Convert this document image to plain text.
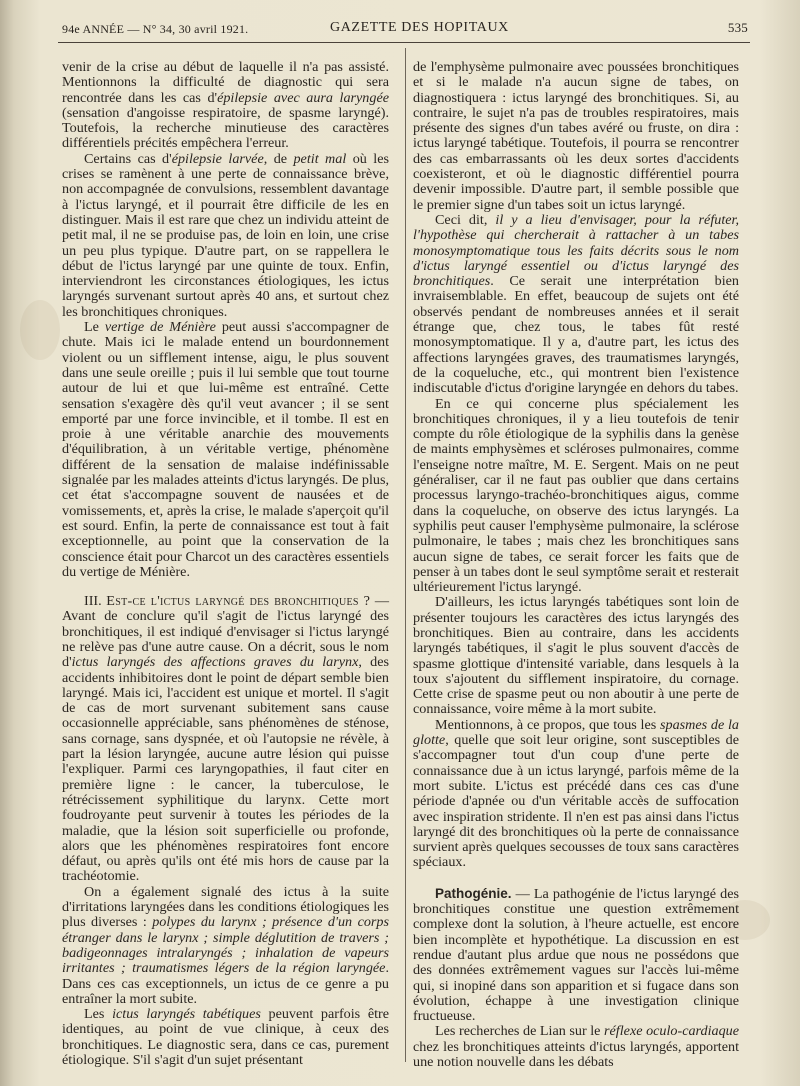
94e ANNÉE — N° 34, 30 avril 1921.	GAZETTE DES HOPITAUX	535

venir de la crise au début de laquelle il n'a pas assisté. Mentionnons la difficulté de diagnostic qui sera rencontrée dans les cas d'épilepsie avec aura laryngée (sensation d'angoisse respiratoire, de spasme laryngé). Toutefois, la recherche minutieuse des caractères différentiels précités empêchera l'erreur.

Certains cas d'épilepsie larvée, de petit mal où les crises se ramènent à une perte de connaissance brève, non accompagnée de convulsions, ressemblent davantage à l'ictus laryngé, et il pourrait être difficile de les en distinguer. Mais il est rare que chez un individu atteint de petit mal, il ne se produise pas, de loin en loin, une crise un peu plus typique. D'autre part, on se rappellera le début de l'ictus laryngé par une quinte de toux. Enfin, interviendront les circonstances étiologiques, les ictus laryngés survenant surtout après 40 ans, et surtout chez les bronchitiques chroniques.

Le vertige de Ménière peut aussi s'accompagner de chute. Mais ici le malade entend un bourdonnement violent ou un sifflement intense, aigu, le plus souvent dans une seule oreille ; puis il lui semble que tout tourne autour de lui et que lui-même est entraîné. Cette sensation s'exagère dès qu'il veut avancer ; il se sent emporté par une force invincible, et il tombe. Il est en proie à une véritable anarchie des mouvements d'équilibration, à un véritable vertige, phénomène différent de la sensation de malaise indéfinissable signalée par les malades atteints d'ictus laryngés. De plus, cet état s'accompagne souvent de nausées et de vomissements, et, après la crise, le malade s'aperçoit qu'il est sourd. Enfin, la perte de connaissance est tout à fait exceptionnelle, au point que la conservation de la conscience était pour Charcot un des caractères essentiels du vertige de Ménière.

III. Est-ce l'ictus laryngé des bronchitiques ? — Avant de conclure qu'il s'agit de l'ictus laryngé des bronchitiques, il est indiqué d'envisager si l'ictus laryngé ne relève pas d'une autre cause. On a décrit, sous le nom d'ictus laryngés des affections graves du larynx, des accidents inhibitoires dont le point de départ semble bien laryngé. Mais ici, l'accident est unique et mortel. Il s'agit de cas de mort survenant subitement sans cause occasionnelle appréciable, sans phénomènes de sténose, sans cornage, sans dyspnée, et où l'autopsie ne révèle, à part la lésion laryngée, aucune autre lésion qui puisse l'expliquer. Parmi ces laryngopathies, il faut citer en première ligne : le cancer, la tuberculose, le rétrécissement syphilitique du larynx. Cette mort foudroyante peut survenir à toutes les périodes de la maladie, que la lésion soit superficielle ou profonde, alors que les phénomènes respiratoires font encore défaut, ou après qu'ils ont été mis hors de cause par la trachéotomie.

On a également signalé des ictus à la suite d'irritations laryngées dans les conditions étiologiques les plus diverses : polypes du larynx ; présence d'un corps étranger dans le larynx ; simple déglutition de travers ; badigeonnages intralaryngés ; inhalation de vapeurs irritantes ; traumatismes légers de la région laryngée. Dans ces cas exceptionnels, un ictus de ce genre a pu entraîner la mort subite.

Les ictus laryngés tabétiques peuvent parfois être identiques, au point de vue clinique, à ceux des bronchitiques. Le diagnostic sera, dans ce cas, purement étiologique. S'il s'agit d'un sujet présentant

de l'emphysème pulmonaire avec poussées bronchitiques et si le malade n'a aucun signe de tabes, on diagnostiquera : ictus laryngé des bronchitiques. Si, au contraire, le sujet n'a pas de troubles respiratoires, mais présente des signes d'un tabes avéré ou fruste, on dira : ictus laryngé tabétique. Toutefois, il pourra se rencontrer des cas embarrassants où les deux sortes d'accidents coexisteront, et où le diagnostic différentiel pourra devenir impossible. D'autre part, il semble possible que le premier signe d'un tabes soit un ictus laryngé.

Ceci dit, il y a lieu d'envisager, pour la réfuter, l'hypothèse qui chercherait à rattacher à un tabes monosymptomatique tous les faits décrits sous le nom d'ictus laryngé essentiel ou d'ictus laryngé des bronchitiques. Ce serait une interprétation bien invraisemblable. En effet, beaucoup de sujets ont été observés pendant de nombreuses années et il serait étrange que, chez tous, le tabes fût resté monosymptomatique. Il y a, d'autre part, les ictus des affections laryngées graves, des traumatismes laryngés, de la coqueluche, etc., qui montrent bien l'existence indiscutable d'ictus d'origine laryngée en dehors du tabes.

En ce qui concerne plus spécialement les bronchitiques chroniques, il y a lieu toutefois de tenir compte du rôle étiologique de la syphilis dans la genèse de maints emphysèmes et scléroses pulmonaires, comme l'enseigne notre maître, M. E. Sergent. Mais on ne peut généraliser, car il ne faut pas oublier que dans certains processus laryngo-trachéo-bronchitiques aigus, comme dans la coqueluche, on observe des ictus laryngés. La syphilis peut causer l'emphysème pulmonaire, la sclérose pulmonaire, le tabes ; mais chez les bronchitiques sans aucun signe de tabes, ce serait forcer les faits que de penser à un tabes dont le seul symptôme serait et resterait ultérieurement l'ictus laryngé.

D'ailleurs, les ictus laryngés tabétiques sont loin de présenter toujours les caractères des ictus laryngés des bronchitiques. Bien au contraire, dans les accidents laryngés tabétiques, il s'agit le plus souvent d'accès de spasme glottique d'intensité variable, dans lesquels à la toux s'ajoutent du sifflement inspiratoire, du cornage. Cette crise de spasme peut ou non aboutir à une perte de connaissance, voire même à la mort subite.

Mentionnons, à ce propos, que tous les spasmes de la glotte, quelle que soit leur origine, sont susceptibles de s'accompagner tout d'un coup d'une perte de connaissance due à un ictus laryngé, parfois même de la mort subite. L'ictus est précédé dans ces cas d'une période d'apnée ou d'un véritable accès de suffocation avec inspiration stridente. Il n'en est pas ainsi dans l'ictus laryngé dit des bronchitiques où la perte de connaissance survient après quelques secousses de toux sans caractères spéciaux.

Pathogénie. — La pathogénie de l'ictus laryngé des bronchitiques constitue une question extrêmement complexe dont la solution, à l'heure actuelle, est encore bien incomplète et hypothétique. La discussion en est rendue d'autant plus ardue que nous ne possédons que des données extrêmement vagues sur l'accès lui-même qui, si inopiné dans son apparition et si fugace dans son évolution, échappe à une investigation clinique fructueuse.

Les recherches de Lian sur le réflexe oculo-cardiaque chez les bronchitiques atteints d'ictus laryngés, apportent une notion nouvelle dans les débats
